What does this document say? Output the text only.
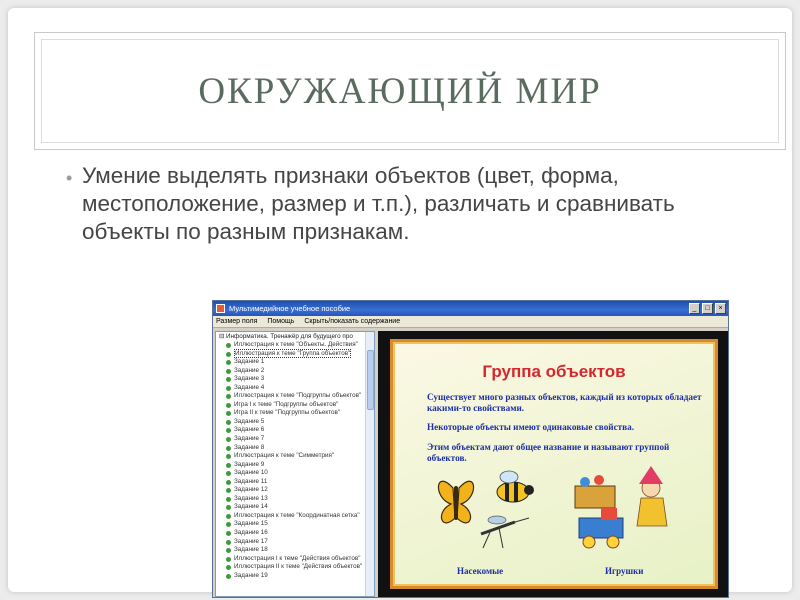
ОКРУЖАЮЩИЙ МИР
• Умение выделять признаки объектов (цвет, форма, местоположение, размер и т.п.), различать и сравнивать объекты по разным признакам.

Мультимедийное учебное пособие	_	□	×
Размер поля Помощь Скрыть/показать содержание
⊟ Информатика. Тренажёр для будущего про
Иллюстрация к теме "Объекты. Действия"
Иллюстрация к теме "Группа объектов"
Задание 1
Задание 2
Задание 3
Задание 4
Иллюстрация к теме "Подгруппы объектов"
Игра I к теме "Подгруппы объектов"
Игра II к теме "Подгруппы объектов"
Задание 5
Задание 6
Задание 7
Задание 8
Иллюстрация к теме "Симметрия"
Задание 9
Задание 10
Задание 11
Задание 12
Задание 13
Задание 14
Иллюстрация к теме "Координатная сетка"
Задание 15
Задание 16
Задание 17
Задание 18
Иллюстрация I к теме "Действия объектов"
Иллюстрация II к теме "Действия объектов"
Задание 19
Группа объектов
Существует много разных объектов, каждый из которых обладает какими-то свойствами.
Некоторые объекты имеют одинаковые свойства.
Этим объектам дают общее название и называют группой объектов.
Насекомые	Игрушки
